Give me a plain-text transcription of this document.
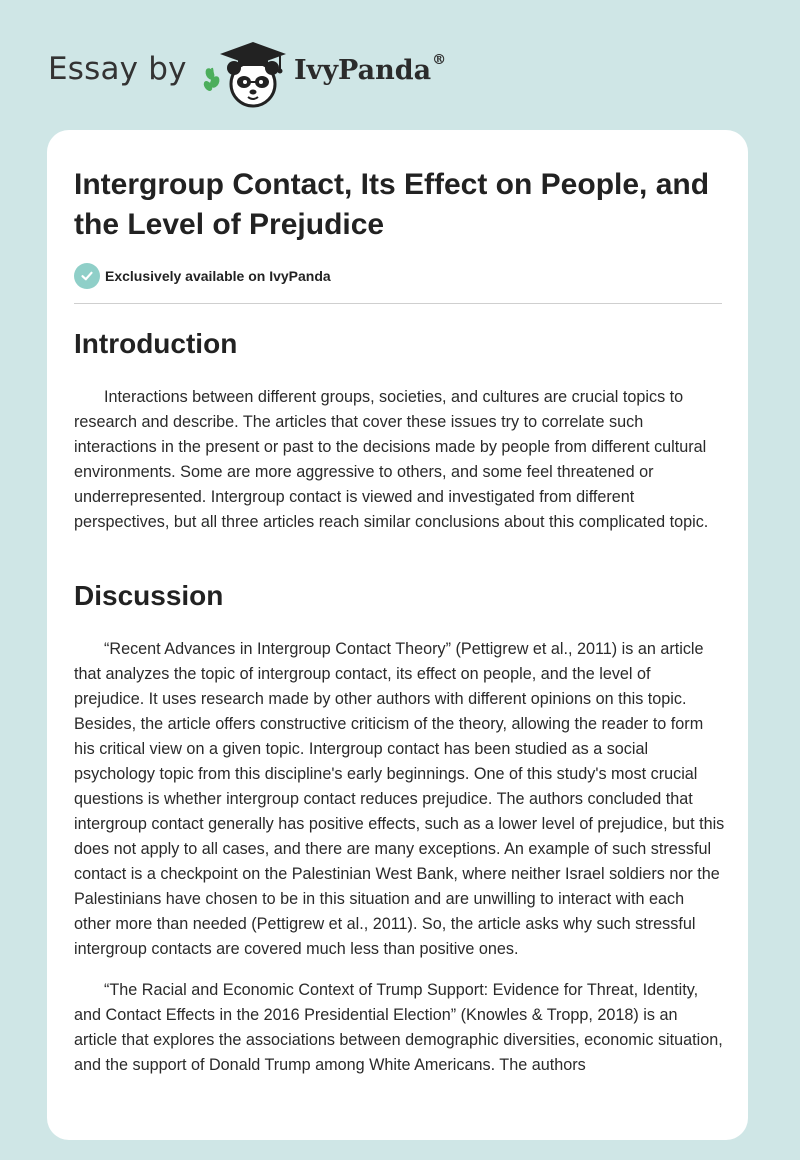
Essay by	IvyPanda®
Intergroup Contact, Its Effect on People, and the Level of Prejudice
Exclusively available on IvyPanda
Introduction

Interactions between different groups, societies, and cultures are crucial topics to research and describe. The articles that cover these issues try to correlate such interactions in the present or past to the decisions made by people from different cultural environments. Some are more aggressive to others, and some feel threatened or underrepresented. Intergroup contact is viewed and investigated from different perspectives, but all three articles reach similar conclusions about this complicated topic.

Discussion

“Recent Advances in Intergroup Contact Theory” (Pettigrew et al., 2011) is an article that analyzes the topic of intergroup contact, its effect on people, and the level of prejudice. It uses research made by other authors with different opinions on this topic. Besides, the article offers constructive criticism of the theory, allowing the reader to form his critical view on a given topic. Intergroup contact has been studied as a social psychology topic from this discipline's early beginnings. One of this study's most crucial questions is whether intergroup contact reduces prejudice. The authors concluded that intergroup contact generally has positive effects, such as a lower level of prejudice, but this does not apply to all cases, and there are many exceptions. An example of such stressful contact is a checkpoint on the Palestinian West Bank, where neither Israel soldiers nor the Palestinians have chosen to be in this situation and are unwilling to interact with each other more than needed (Pettigrew et al., 2011). So, the article asks why such stressful intergroup contacts are covered much less than positive ones.

“The Racial and Economic Context of Trump Support: Evidence for Threat, Identity, and Contact Effects in the 2016 Presidential Election” (Knowles & Tropp, 2018) is an article that explores the associations between demographic diversities, economic situation, and the support of Donald Trump among White Americans. The authors
